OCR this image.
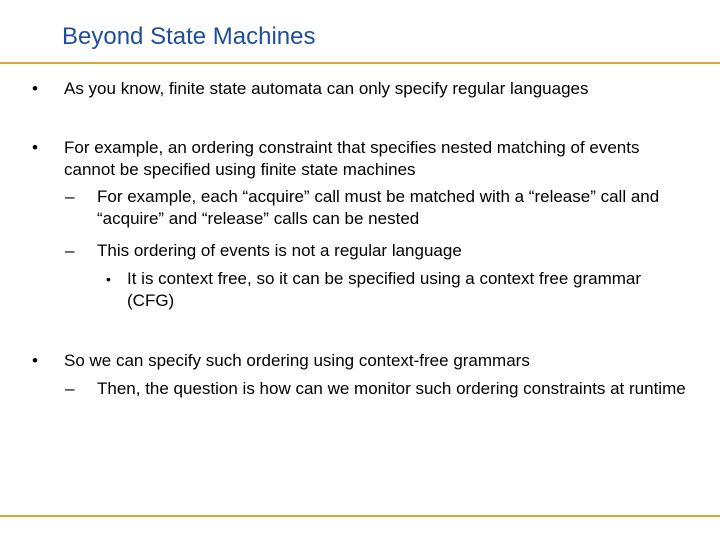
Beyond State Machines
• As you know, finite state automata can only specify regular languages
• For example, an ordering constraint that specifies nested matching of events cannot be specified using finite state machines
– For example, each “acquire” call must be matched with a “release” call and “acquire” and “release” calls can be nested
– This ordering of events is not a regular language
• It is context free, so it can be specified using a context free grammar (CFG)
• So we can specify such ordering using context-free grammars
– Then, the question is how can we monitor such ordering constraints at runtime
